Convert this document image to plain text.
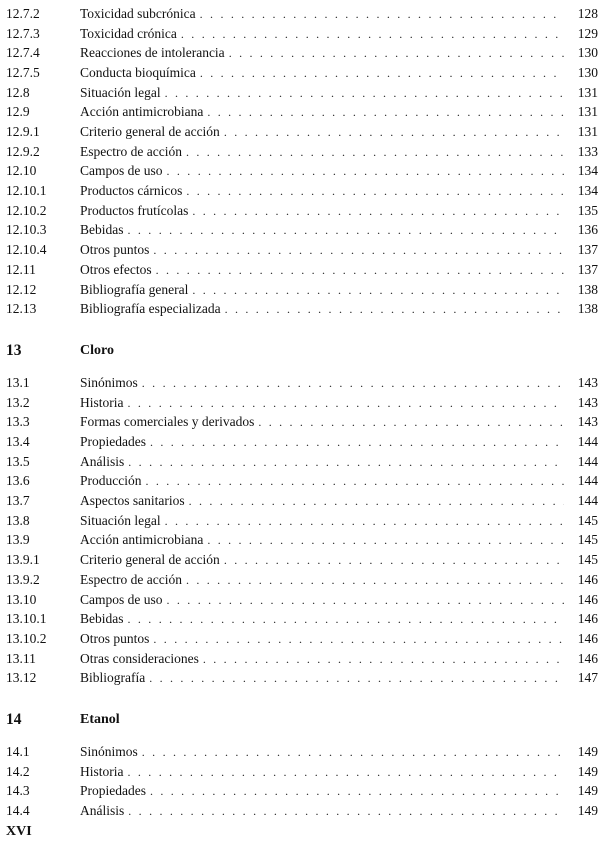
12.7.2	Toxicidad subcrónica . . .	128
12.7.3	Toxicidad crónica . . .	129
12.7.4	Reacciones de intolerancia . . .	130
12.7.5	Conducta bioquímica . . .	130
12.8	Situación legal . . .	131
12.9	Acción antimicrobiana . . .	131
12.9.1	Criterio general de acción . . .	131
12.9.2	Espectro de acción . . .	133
12.10	Campos de uso . . .	134
12.10.1 Productos cárnicos . . .	134
12.10.2 Productos frutícolas . . .	135
12.10.3 Bebidas . . .	136
12.10.4 Otros puntos . . .	137
12.11	Otros efectos . . .	137
12.12	Bibliografía general . . .	138
12.13	Bibliografía especializada . . .	138
13	Cloro
13.1	Sinónimos . . .	143
13.2	Historia . . .	143
13.3	Formas comerciales y derivados . . .	143
13.4	Propiedades . . .	144
13.5	Análisis . . .	144
13.6	Producción . . .	144
13.7	Aspectos sanitarios . . .	144
13.8	Situación legal . . .	145
13.9	Acción antimicrobiana . . .	145
13.9.1	Criterio general de acción . . .	145
13.9.2	Espectro de acción . . .	146
13.10	Campos de uso . . .	146
13.10.1 Bebidas . . .	146
13.10.2 Otros puntos . . .	146
13.11	Otras consideraciones . . .	146
13.12	Bibliografía . . .	147
14	Etanol
14.1	Sinónimos . . .	149
14.2	Historia . . .	149
14.3	Propiedades . . .	149
14.4	Análisis . . .	149
XVI
